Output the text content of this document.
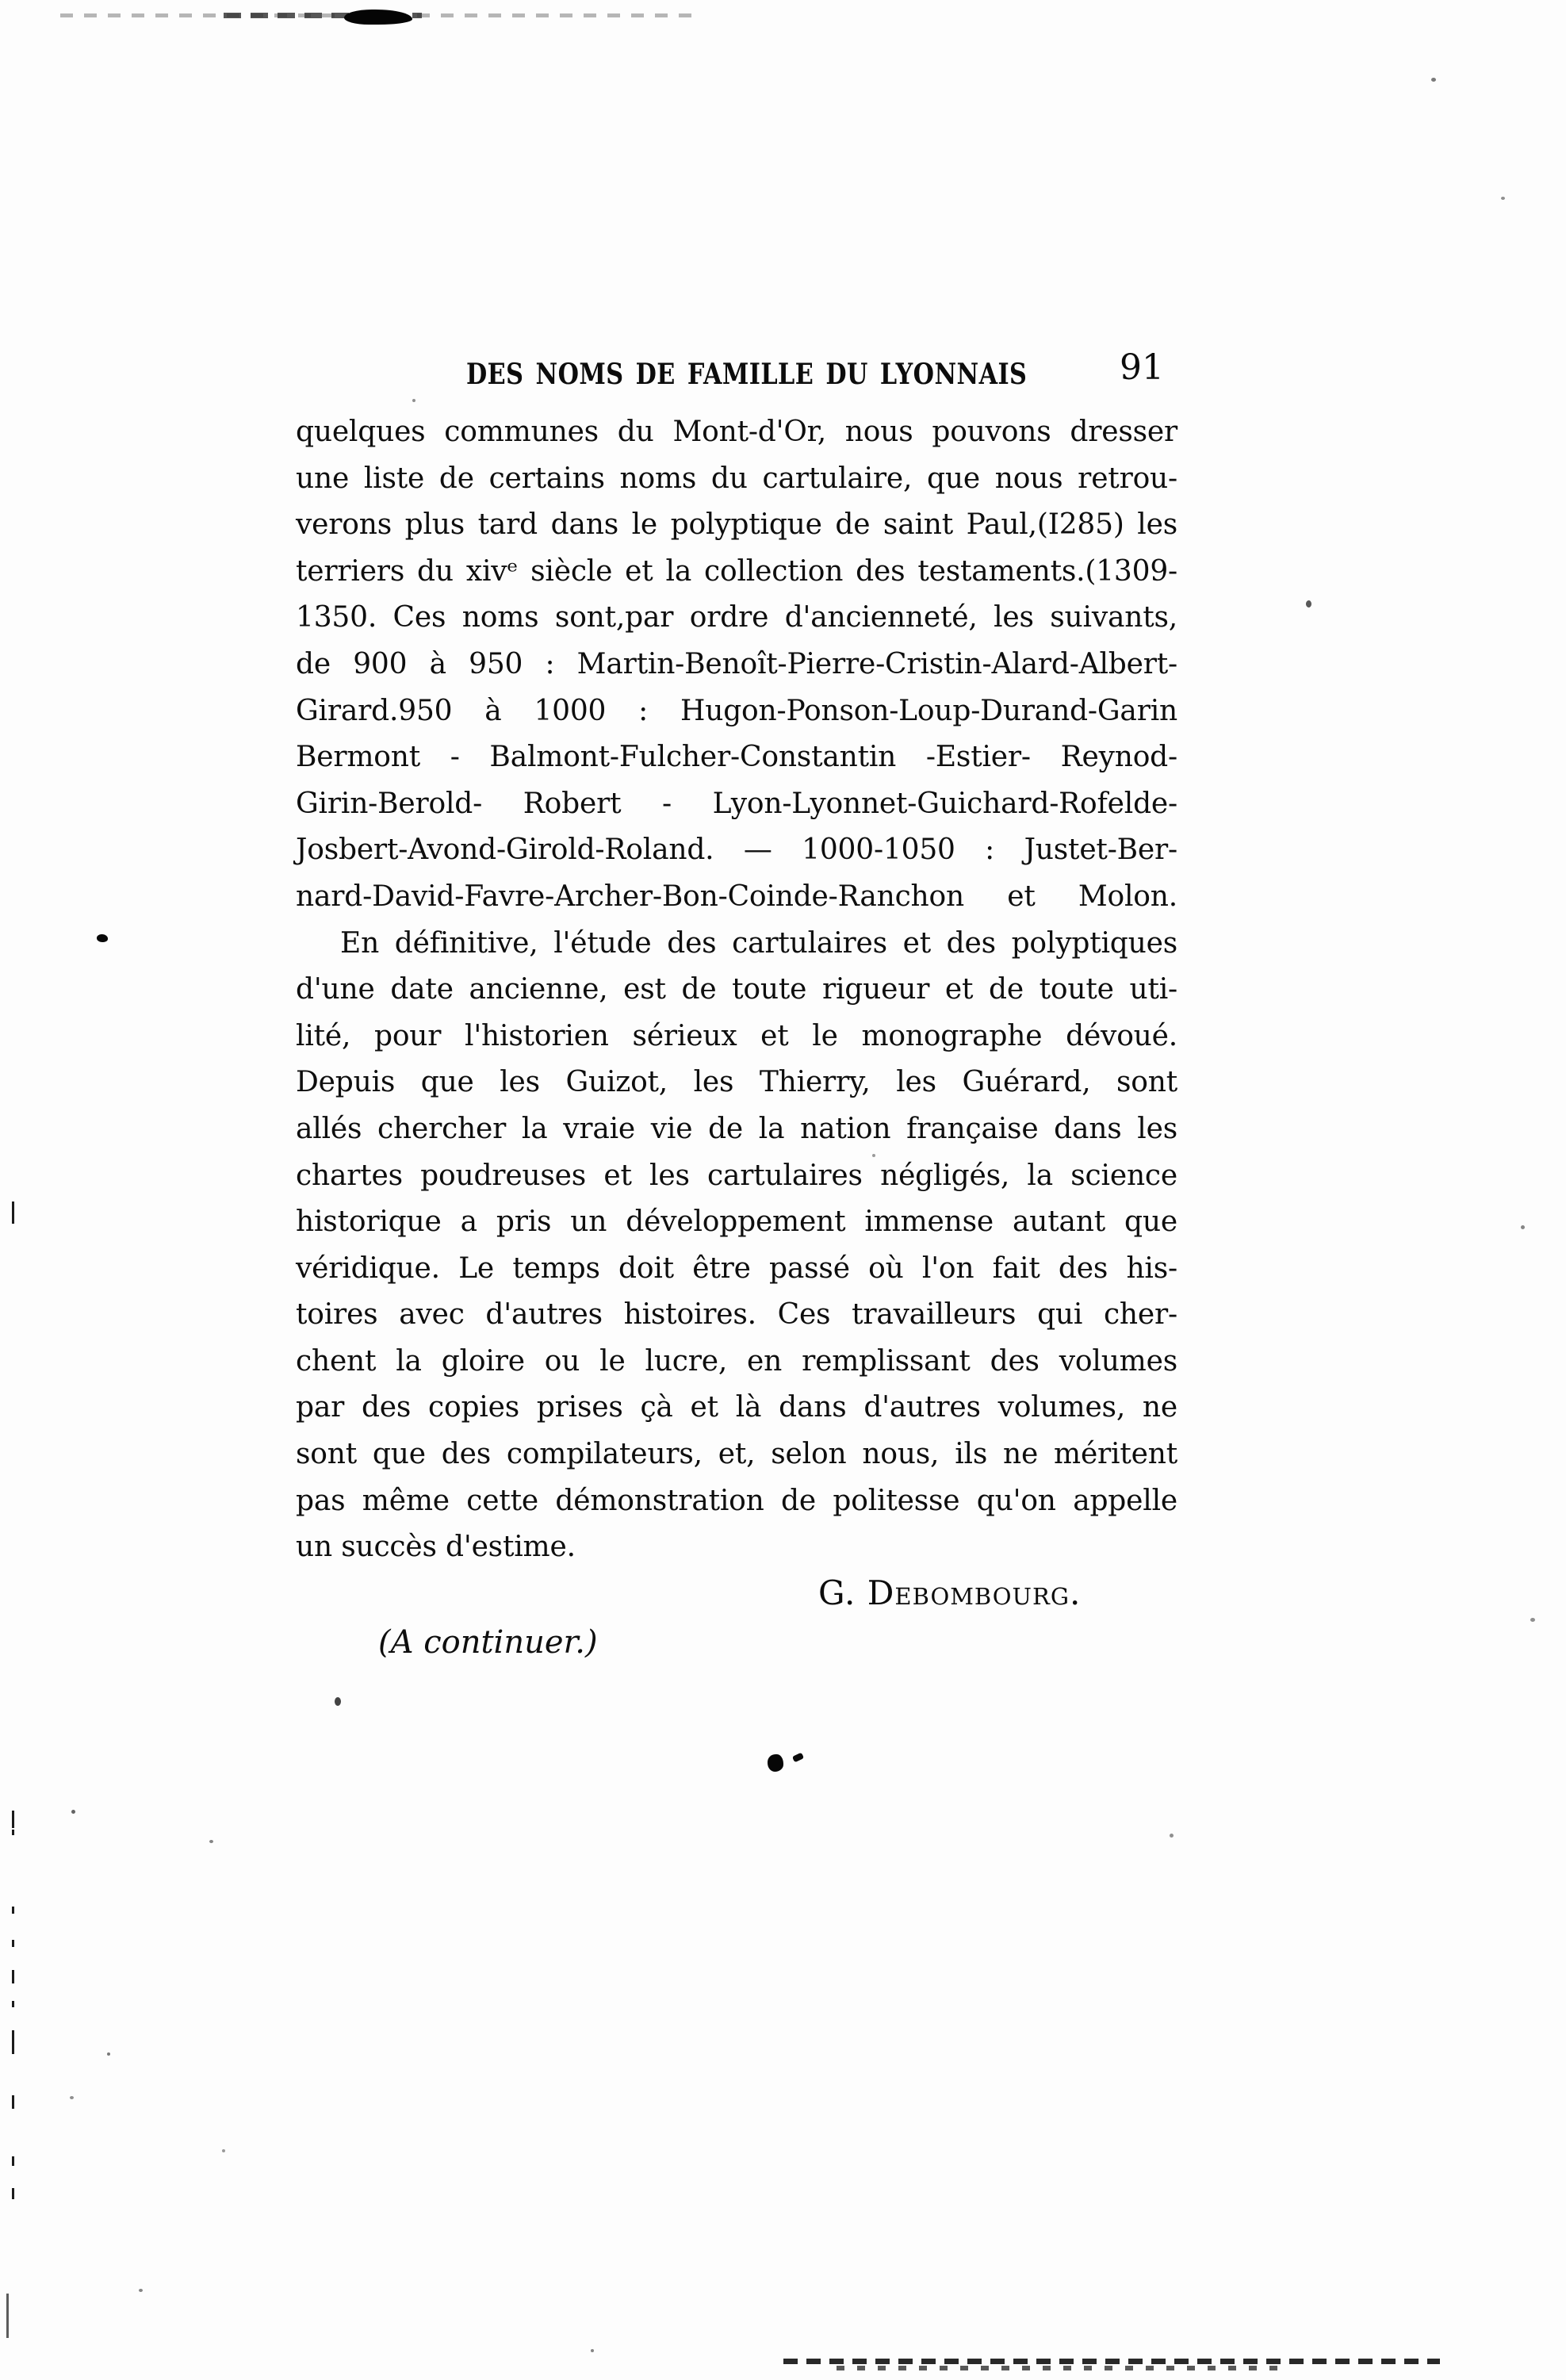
DES NOMS DE FAMILLE DU LYONNAIS	91
quelques communes du Mont-d'Or, nous pouvons dresser
une liste de certains noms du cartulaire, que nous retrou-
verons plus tard dans le polyptique de saint Paul,(I285) les
terriers du xivᵉ siècle et la collection des testaments.(1309-
1350. Ces noms sont,par ordre d'ancienneté, les suivants,
de 900 à 950 : Martin-Benoît-Pierre-Cristin-Alard-Albert-
Girard.950 à 1000 : Hugon-Ponson-Loup-Durand-Garin
Bermont - Balmont-Fulcher-Constantin -Estier- Reynod-
Girin-Berold- Robert - Lyon-Lyonnet-Guichard-Rofelde-
Josbert-Avond-Girold-Roland. — 1000-1050 : Justet-Ber-
nard-David-Favre-Archer-Bon-Coinde-Ranchon et Molon.
En définitive, l'étude des cartulaires et des polyptiques
d'une date ancienne, est de toute rigueur et de toute uti-
lité, pour l'historien sérieux et le monographe dévoué.
Depuis que les Guizot, les Thierry, les Guérard, sont
allés chercher la vraie vie de la nation française dans les
chartes poudreuses et les cartulaires négligés, la science
historique a pris un développement immense autant que
véridique. Le temps doit être passé où l'on fait des his-
toires avec d'autres histoires. Ces travailleurs qui cher-
chent la gloire ou le lucre, en remplissant des volumes
par des copies prises çà et là dans d'autres volumes, ne
sont que des compilateurs, et, selon nous, ils ne méritent
pas même cette démonstration de politesse qu'on appelle
un succès d'estime.
G. Debombourg.
(A continuer.)
